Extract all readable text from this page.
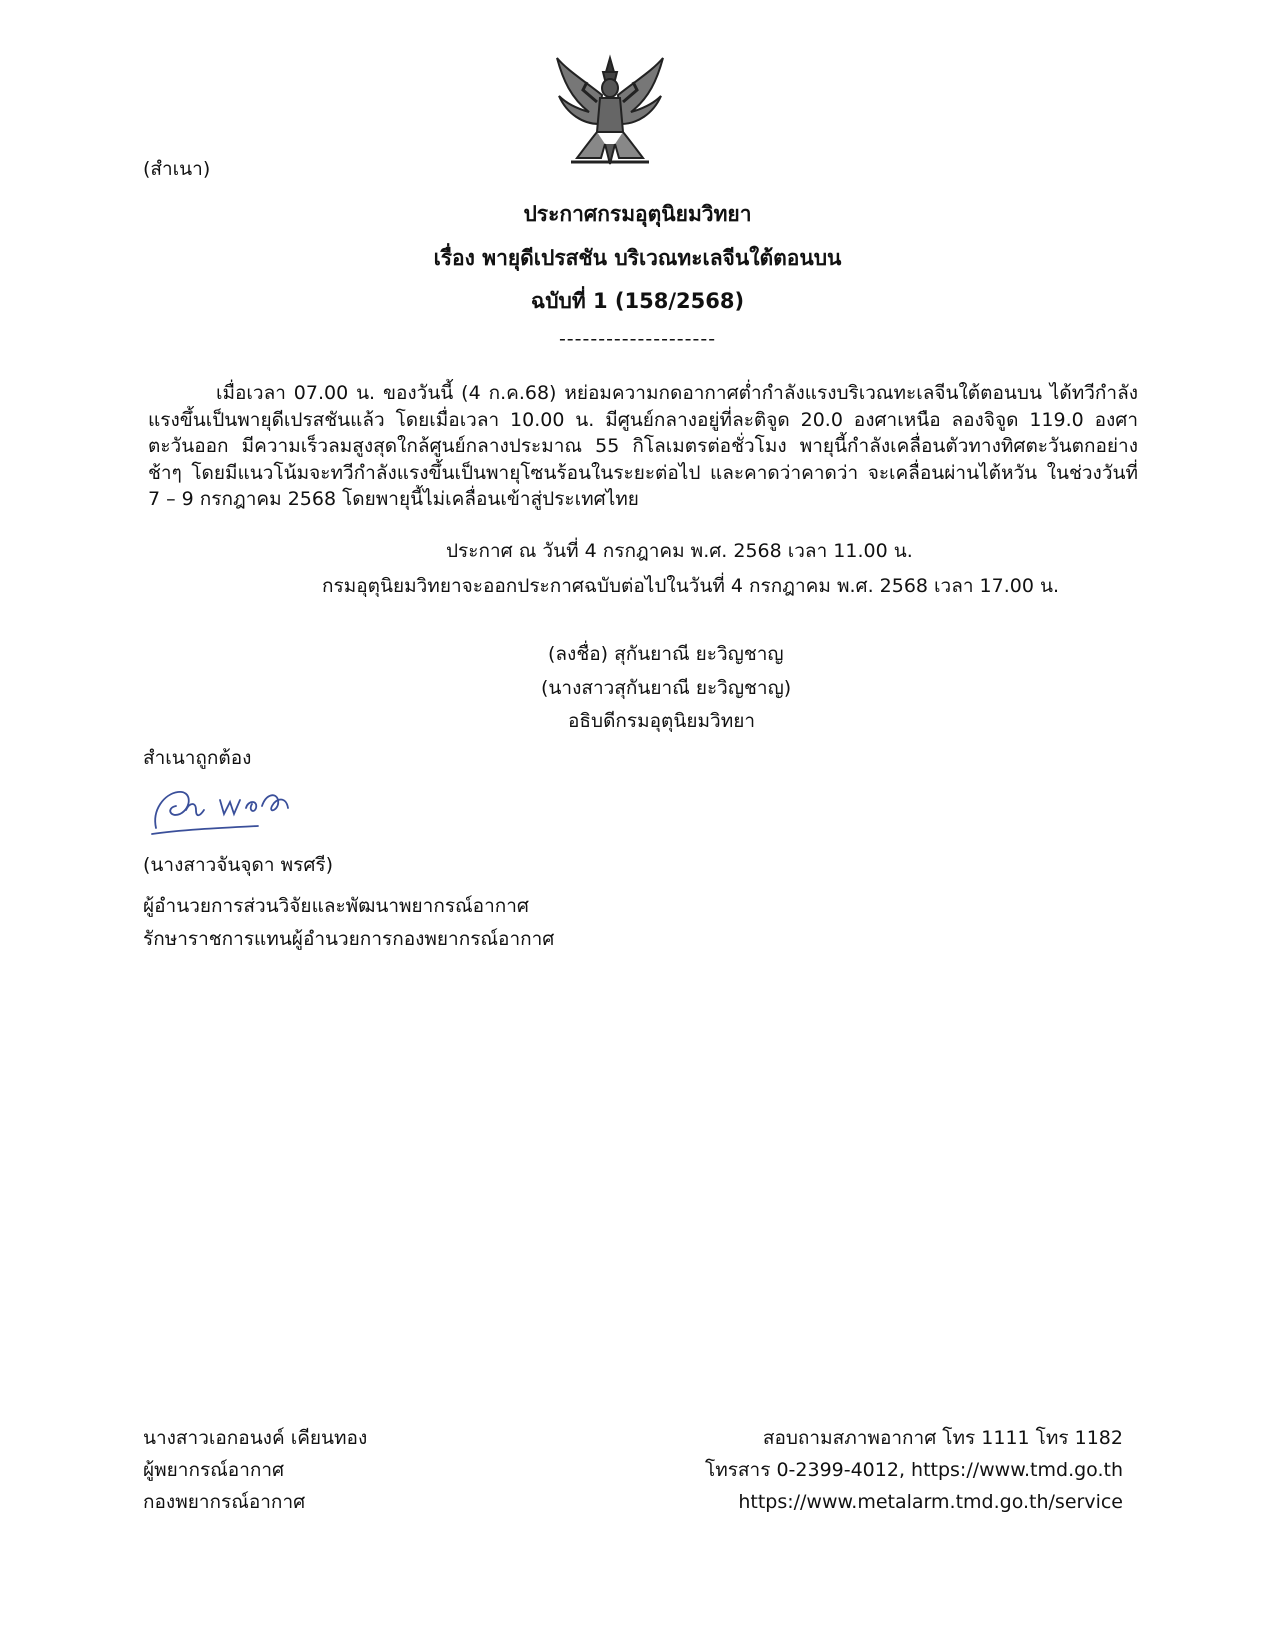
(สำเนา)
ประกาศกรมอุตุนิยมวิทยา
เรื่อง พายุดีเปรสชัน บริเวณทะเลจีนใต้ตอนบน
ฉบับที่ 1 (158/2568)
--------------------
เมื่อเวลา 07.00 น. ของวันนี้ (4 ก.ค.68) หย่อมความกดอากาศต่ำกำลังแรงบริเวณทะเลจีนใต้ตอนบน ได้ทวีกำลังแรงขึ้นเป็นพายุดีเปรสชันแล้ว โดยเมื่อเวลา 10.00 น. มีศูนย์กลางอยู่ที่ละติจูด 20.0 องศาเหนือ ลองจิจูด 119.0 องศาตะวันออก มีความเร็วลมสูงสุดใกล้ศูนย์กลางประมาณ 55 กิโลเมตรต่อชั่วโมง พายุนี้กำลังเคลื่อนตัวทางทิศตะวันตกอย่างช้าๆ โดยมีแนวโน้มจะทวีกำลังแรงขึ้นเป็นพายุโซนร้อนในระยะต่อไป และคาดว่าคาดว่า จะเคลื่อนผ่านไต้หวัน ในช่วงวันที่ 7 – 9 กรกฎาคม 2568 โดยพายุนี้ไม่เคลื่อนเข้าสู่ประเทศไทย
ประกาศ ณ วันที่ 4 กรกฎาคม พ.ศ. 2568 เวลา 11.00 น.
กรมอุตุนิยมวิทยาจะออกประกาศฉบับต่อไปในวันที่ 4 กรกฎาคม พ.ศ. 2568 เวลา 17.00 น.
(ลงชื่อ) สุกันยาณี ยะวิญชาญ
(นางสาวสุกันยาณี ยะวิญชาญ)
อธิบดีกรมอุตุนิยมวิทยา
สำเนาถูกต้อง
(นางสาวจันจุดา พรศรี)
ผู้อำนวยการส่วนวิจัยและพัฒนาพยากรณ์อากาศ
รักษาราชการแทนผู้อำนวยการกองพยากรณ์อากาศ
นางสาวเอกอนงค์ เคียนทอง
ผู้พยากรณ์อากาศ
กองพยากรณ์อากาศ
สอบถามสภาพอากาศ โทร 1111 โทร 1182
โทรสาร 0-2399-4012, https://www.tmd.go.th
https://www.metalarm.tmd.go.th/service
